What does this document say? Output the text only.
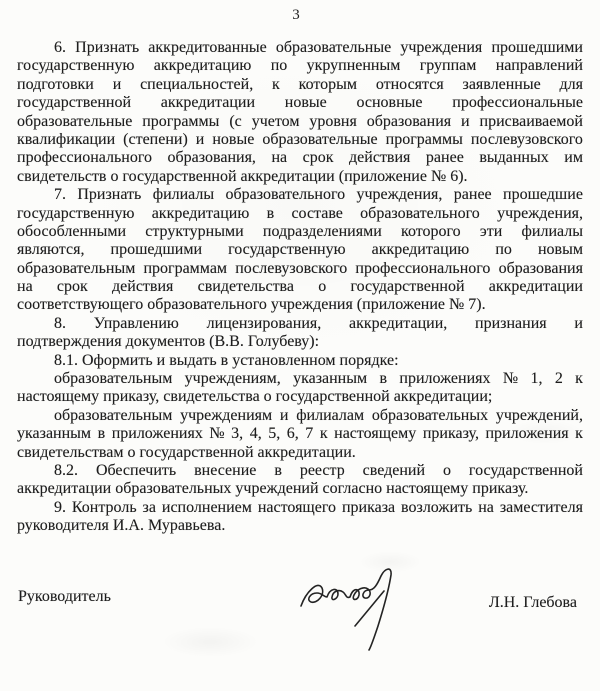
3
6. Признать аккредитованные образовательные учреждения прошедшими
государственную аккредитацию по укрупненным группам направлений
подготовки и специальностей, к которым относятся заявленные для
государственной аккредитации новые основные профессиональные
образовательные программы (с учетом уровня образования и присваиваемой
квалификации (степени) и новые образовательные программы послевузовского
профессионального образования, на срок действия ранее выданных им
свидетельств о государственной аккредитации (приложение № 6).
7. Признать филиалы образовательного учреждения, ранее прошедшие
государственную аккредитацию в составе образовательного учреждения,
обособленными структурными подразделениями которого эти филиалы
являются, прошедшими государственную аккредитацию по новым
образовательным программам послевузовского профессионального образования
на срок действия свидетельства о государственной аккредитации
соответствующего образовательного учреждения (приложение № 7).
8. Управлению лицензирования, аккредитации, признания и
подтверждения документов (В.В. Голубеву):
8.1. Оформить и выдать в установленном порядке:
образовательным учреждениям, указанным в приложениях № 1, 2 к
настоящему приказу, свидетельства о государственной аккредитации;
образовательным учреждениям и филиалам образовательных учреждений,
указанным в приложениях № 3, 4, 5, 6, 7 к настоящему приказу, приложения к
свидетельствам о государственной аккредитации.
8.2. Обеспечить внесение в реестр сведений о государственной
аккредитации образовательных учреждений согласно настоящему приказу.
9. Контроль за исполнением настоящего приказа возложить на заместителя
руководителя И.А. Муравьева.
Руководитель	Л.Н. Глебова
